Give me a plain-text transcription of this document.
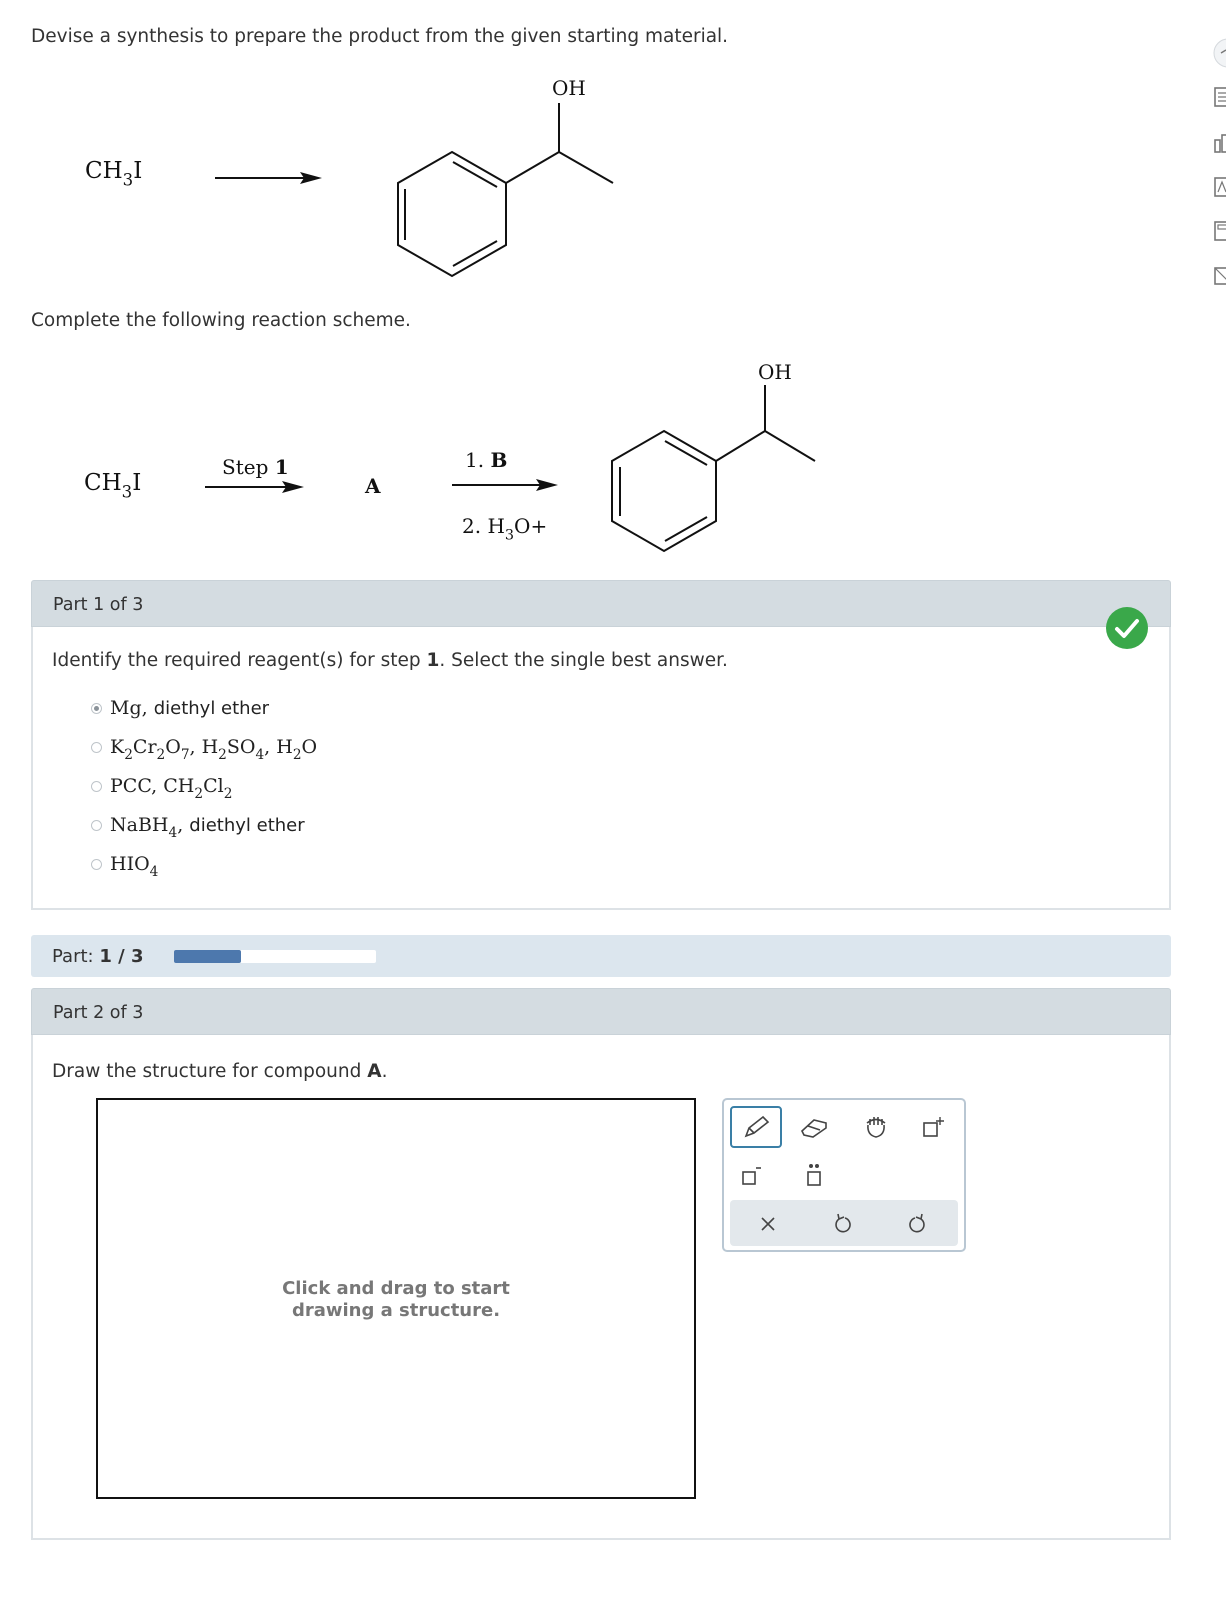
Devise a synthesis to prepare the product from the given starting material.
$CH_3I$
OH
Complete the following reaction scheme.
$CH_3I$
Step 1
A
1. B
2. $H_3O+$
OH
Part 1 of 3
Identify the required reagent(s) for step 1. Select the single best answer.
Mg, diethyl ether
$K_2Cr_2O_7$, $H_2SO_4$, $H_2O$
PCC, $CH_2Cl_2$
NaBH$_4$, diethyl ether
$HIO_4$
Part: 1 / 3
Part 2 of 3
Draw the structure for compound A.
Click and drag to start
drawing a structure.
